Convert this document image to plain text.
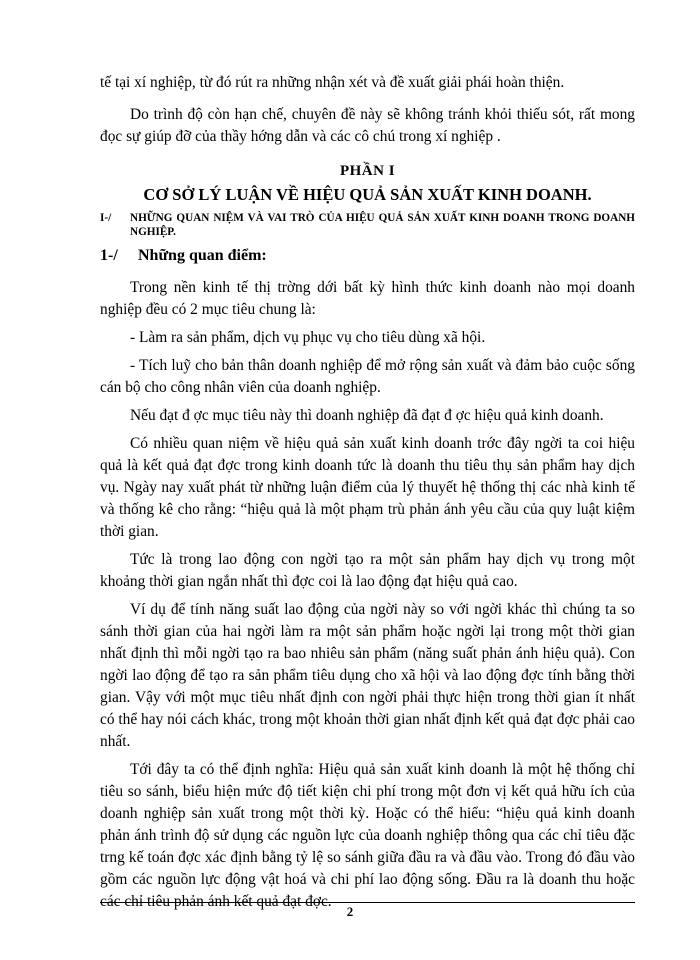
tế tại xí nghiệp, từ đó rút ra những nhận xét và đề xuất giải phái hoàn thiện.

Do trình độ còn hạn chế, chuyên đề này sẽ không tránh khỏi thiếu sót, rất mong đọc sự giúp đỡ của thầy hớng dẫn và các cô chú trong xí nghiệp .

PHẦN I
CƠ SỞ LÝ LUẬN VỀ HIỆU QUẢ SẢN XUẤT KINH DOANH.
I-/	NHỮNG QUAN NIỆM VÀ VAI TRÒ CỦA HIỆU QUẢ SẢN XUẤT KINH DOANH TRONG DOANH NGHIỆP.
1-/ Những quan điểm:

Trong nền kinh tế thị trờng dới bất kỳ hình thức kinh doanh nào mọi doanh nghiệp đều có 2 mục tiêu chung là:

- Làm ra sản phẩm, dịch vụ phục vụ cho tiêu dùng xã hội.

- Tích luỹ cho bản thân doanh nghiệp để mở rộng sản xuất và đảm bảo cuộc sống cán bộ cho công nhân viên của doanh nghiệp.

Nếu đạt đ ợc mục tiêu này thì doanh nghiệp đã đạt đ ợc hiệu quả kinh doanh.

Có nhiều quan niệm về hiệu quả sản xuất kinh doanh trớc đây ngời ta coi hiệu quả là kết quả đạt đợc trong kinh doanh tức là doanh thu tiêu thụ sản phẩm hay dịch vụ. Ngày nay xuất phát từ những luận điểm của lý thuyết hệ thống thị các nhà kinh tế và thống kê cho rằng: “hiệu quả là một phạm trù phản ánh yêu cầu của quy luật kiệm thời gian.

Tức là trong lao động con ngời tạo ra một sản phẩm hay dịch vụ trong một khoảng thời gian ngắn nhất thì đợc coi là lao động đạt hiệu quả cao.

Ví dụ để tính năng suất lao động của ngời này so với ngời khác thì chúng ta so sánh thời gian của hai ngời làm ra một sản phẩm hoặc ngời lại trong một thời gian nhất định thì mỗi ngời tạo ra bao nhiêu sản phẩm (năng suất phản ánh hiệu quả). Con ngời lao động để tạo ra sản phẩm tiêu dụng cho xã hội và lao động đợc tính bằng thời gian. Vậy với một mục tiêu nhất định con ngời phải thực hiện trong thời gian ít nhất có thể hay nói cách khác, trong một khoản thời gian nhất định kết quả đạt đợc phải cao nhất.

Tới đây ta có thể định nghĩa: Hiệu quả sản xuất kinh doanh là một hệ thống chỉ tiêu so sánh, biểu hiện mức độ tiết kiện chi phí trong một đơn vị kết quả hữu ích của doanh nghiệp sản xuất trong một thời kỳ. Hoặc có thể hiểu: “hiệu quả kinh doanh phản ánh trình độ sử dụng các nguồn lực của doanh nghiệp thông qua các chỉ tiêu đặc trng kế toán đợc xác định bằng tỷ lệ so sánh giữa đầu ra và đầu vào. Trong đó đầu vào gồm các nguồn lực động vật hoá và chi phí lao động sống. Đầu ra là doanh thu hoặc các chỉ tiêu phản ánh kết quả đạt đợc.

2
